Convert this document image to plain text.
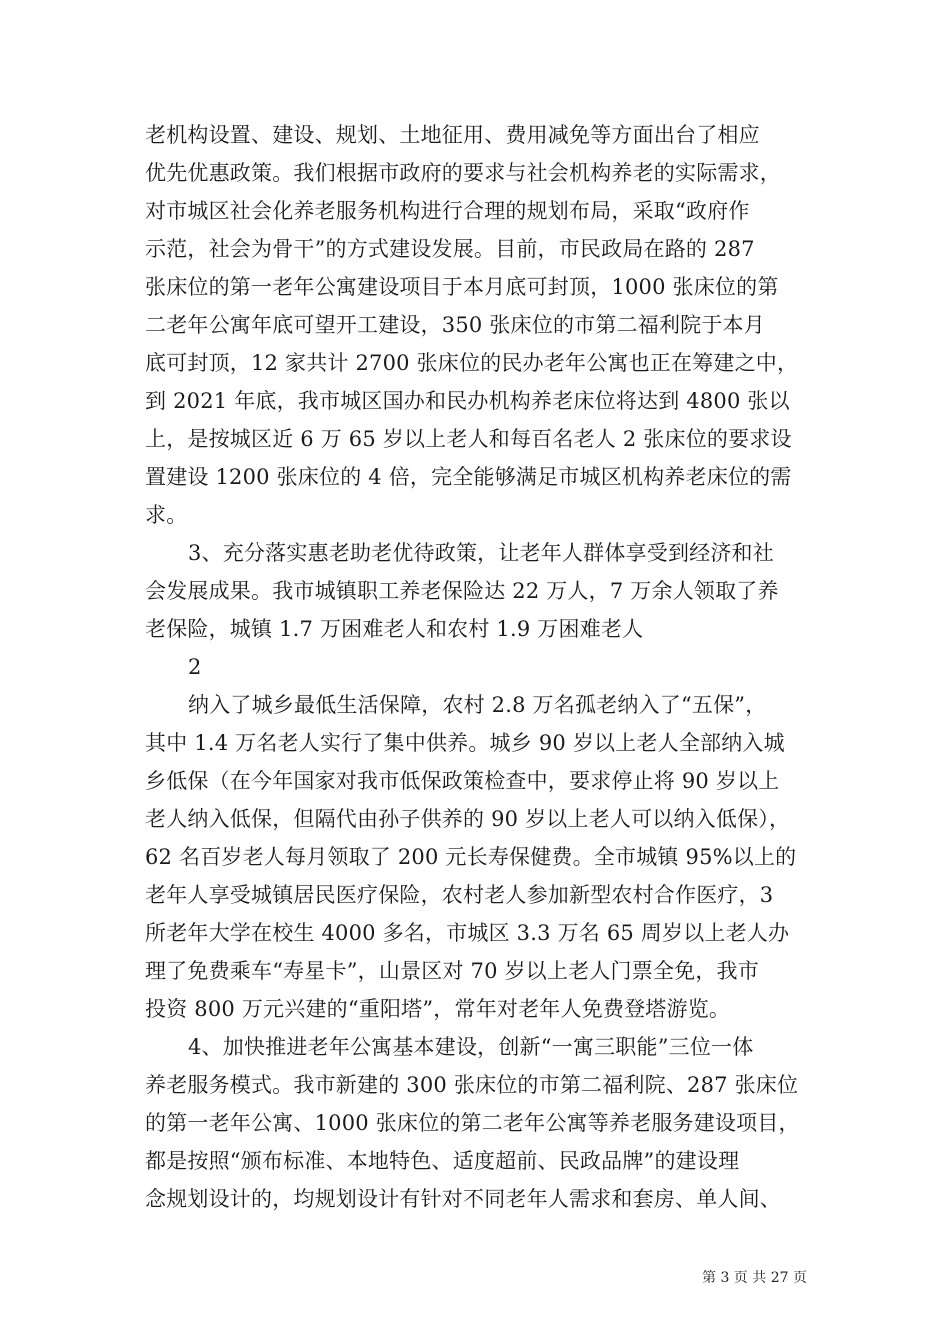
老机构设置、建设、规划、土地征用、费用减免等方面出台了相应
优先优惠政策。我们根据市政府的要求与社会机构养老的实际需求，
对市城区社会化养老服务机构进行合理的规划布局，采取“政府作
示范，社会为骨干”的方式建设发展。目前，市民政局在路的 287
张床位的第一老年公寓建设项目于本月底可封顶，1000 张床位的第
二老年公寓年底可望开工建设，350 张床位的市第二福利院于本月
底可封顶，12 家共计 2700 张床位的民办老年公寓也正在筹建之中，
到 2021 年底，我市城区国办和民办机构养老床位将达到 4800 张以
上，是按城区近 6 万 65 岁以上老人和每百名老人 2 张床位的要求设
置建设 1200 张床位的 4 倍，完全能够满足市城区机构养老床位的需
求。
3、充分落实惠老助老优待政策，让老年人群体享受到经济和社
会发展成果。我市城镇职工养老保险达 22 万人，7 万余人领取了养
老保险，城镇 1.7 万困难老人和农村 1.9 万困难老人
2
纳入了城乡最低生活保障，农村 2.8 万名孤老纳入了“五保”，
其中 1.4 万名老人实行了集中供养。城乡 90 岁以上老人全部纳入城
乡低保（在今年国家对我市低保政策检查中，要求停止将 90 岁以上
老人纳入低保，但隔代由孙子供养的 90 岁以上老人可以纳入低保），
62 名百岁老人每月领取了 200 元长寿保健费。全市城镇 95%以上的
老年人享受城镇居民医疗保险，农村老人参加新型农村合作医疗，3
所老年大学在校生 4000 多名，市城区 3.3 万名 65 周岁以上老人办
理了免费乘车“寿星卡”，山景区对 70 岁以上老人门票全免，我市
投资 800 万元兴建的“重阳塔”，常年对老年人免费登塔游览。
4、加快推进老年公寓基本建设，创新“一寓三职能”三位一体
养老服务模式。我市新建的 300 张床位的市第二福利院、287 张床位
的第一老年公寓、1000 张床位的第二老年公寓等养老服务建设项目，
都是按照“颁布标准、本地特色、适度超前、民政品牌”的建设理
念规划设计的，均规划设计有针对不同老年人需求和套房、单人间、
第 3 页 共 27 页
